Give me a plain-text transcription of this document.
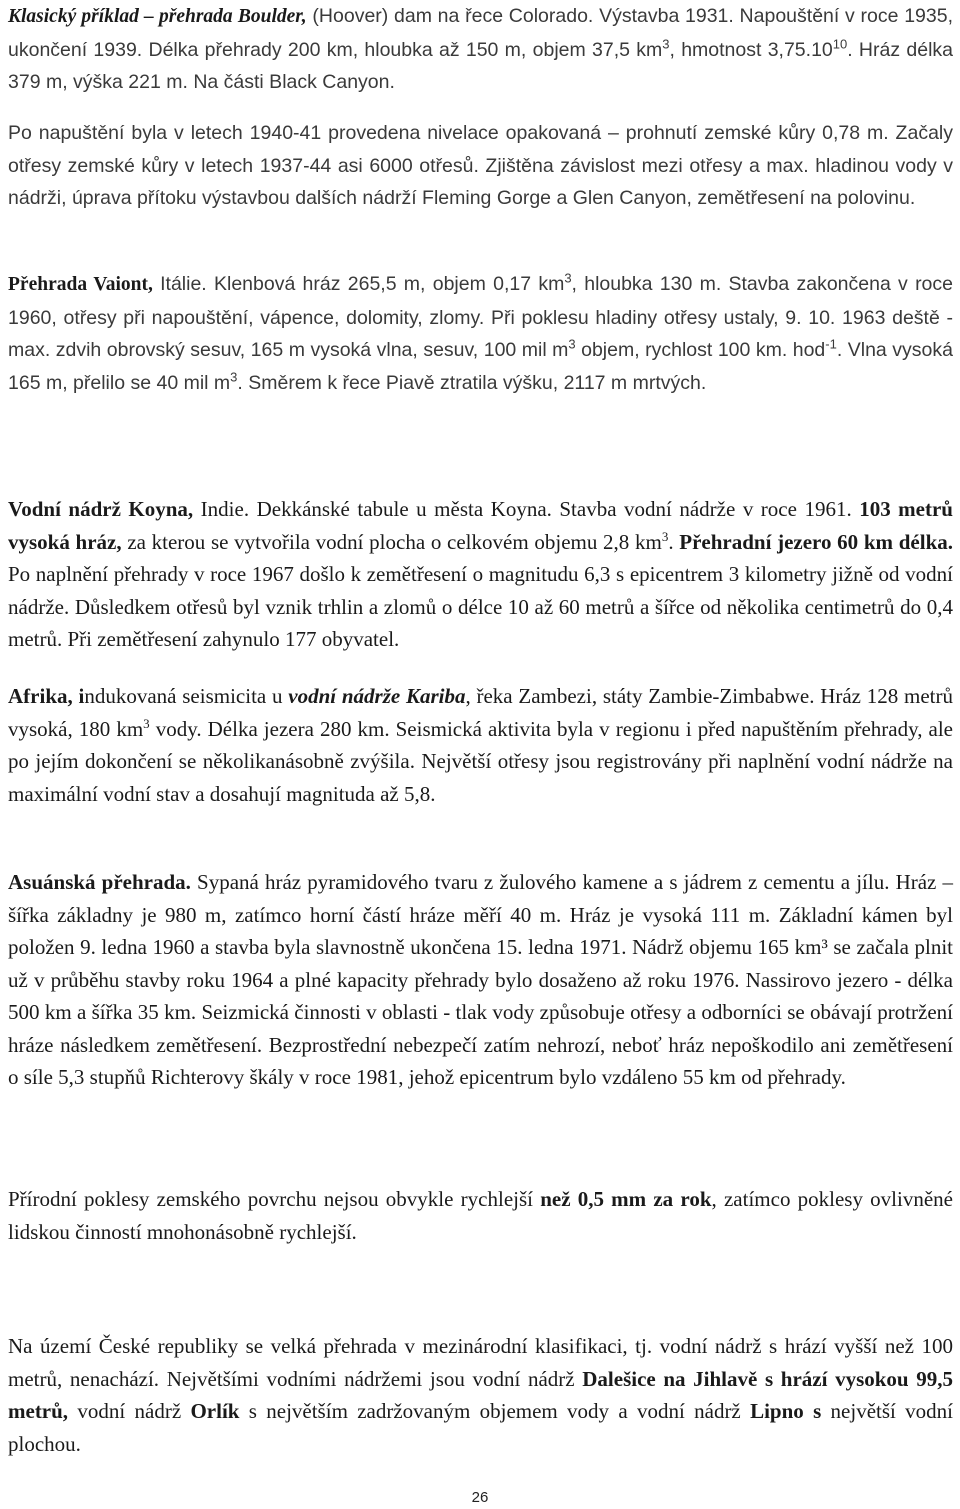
Klasický příklad – přehrada Boulder, (Hoover) dam na řece Colorado. Výstavba 1931. Napouštění v roce 1935, ukončení 1939. Délka přehrady 200 km, hloubka až 150 m, objem 37,5 $km^3$, hmotnost 3,75.10$^{10}$. Hráz délka 379 m, výška 221 m. Na části Black Canyon.

Po napuštění byla v letech 1940-41 provedena nivelace opakovaná – prohnutí zemské kůry 0,78 m. Začaly otřesy zemské kůry v letech 1937-44 asi 6000 otřesů. Zjištěna závislost mezi otřesy a max. hladinou vody v nádrži, úprava přítoku výstavbou dalších nádrží Fleming Gorge a Glen Canyon, zemětřesení na polovinu.

Přehrada Vaiont, Itálie. Klenbová hráz 265,5 m, objem 0,17 $km^3$, hloubka 130 m. Stavba zakončena v roce 1960, otřesy při napouštění, vápence, dolomity, zlomy. Při poklesu hladiny otřesy ustaly, 9. 10. 1963 deště - max. zdvih obrovský sesuv, 165 m vysoká vlna, sesuv, 100 mil $m^3$ objem, rychlost 100 km. hod$^{-1}$. Vlna vysoká 165 m, přelilo se 40 mil $m^3$. Směrem k řece Piavě ztratila výšku, 2117 m mrtvých.

Vodní nádrž Koyna, Indie. Dekkánské tabule u města Koyna. Stavba vodní nádrže v roce 1961. 103 metrů vysoká hráz, za kterou se vytvořila vodní plocha o celkovém objemu 2,8 $km^3$. Přehradní jezero 60 km délka. Po naplnění přehrady v roce 1967 došlo k zemětřesení o magnitudu 6,3 s epicentrem 3 kilometry jižně od vodní nádrže. Důsledkem otřesů byl vznik trhlin a zlomů o délce 10 až 60 metrů a šířce od několika centimetrů do 0,4 metrů. Při zemětřesení zahynulo 177 obyvatel.

Afrika, indukovaná seismicita u vodní nádrže Kariba, řeka Zambezi, státy Zambie-Zimbabwe. Hráz 128 metrů vysoká, 180 $km^3$ vody. Délka jezera 280 km. Seismická aktivita byla v regionu i před napuštěním přehrady, ale po jejím dokončení se několikanásobně zvýšila. Největší otřesy jsou registrovány při naplnění vodní nádrže na maximální vodní stav a dosahují magnituda až 5,8.

Asuánská přehrada. Sypaná hráz pyramidového tvaru z žulového kamene a s jádrem z cementu a jílu. Hráz – šířka základny je 980 m, zatímco horní částí hráze měří 40 m. Hráz je vysoká 111 m. Základní kámen byl položen 9. ledna 1960 a stavba byla slavnostně ukončena 15. ledna 1971. Nádrž objemu 165 km³ se začala plnit už v průběhu stavby roku 1964 a plné kapacity přehrady bylo dosaženo až roku 1976. Nassirovo jezero - délka 500 km a šířka 35 km. Seizmická činnosti v oblasti - tlak vody způsobuje otřesy a odborníci se obávají protržení hráze následkem zemětřesení. Bezprostřední nebezpečí zatím nehrozí, neboť hráz nepoškodilo ani zemětřesení o síle 5,3 stupňů Richterovy škály v roce 1981, jehož epicentrum bylo vzdáleno 55 km od přehrady.

Přírodní poklesy zemského povrchu nejsou obvykle rychlejší než 0,5 mm za rok, zatímco poklesy ovlivněné lidskou činností mnohonásobně rychlejší.

Na území České republiky se velká přehrada v mezinárodní klasifikaci, tj. vodní nádrž s hrází vyšší než 100 metrů, nenachází. Největšími vodními nádržemi jsou vodní nádrž Dalešice na Jihlavě s hrází vysokou 99,5 metrů, vodní nádrž Orlík s největším zadržovaným objemem vody a vodní nádrž Lipno s největší vodní plochou.

26
